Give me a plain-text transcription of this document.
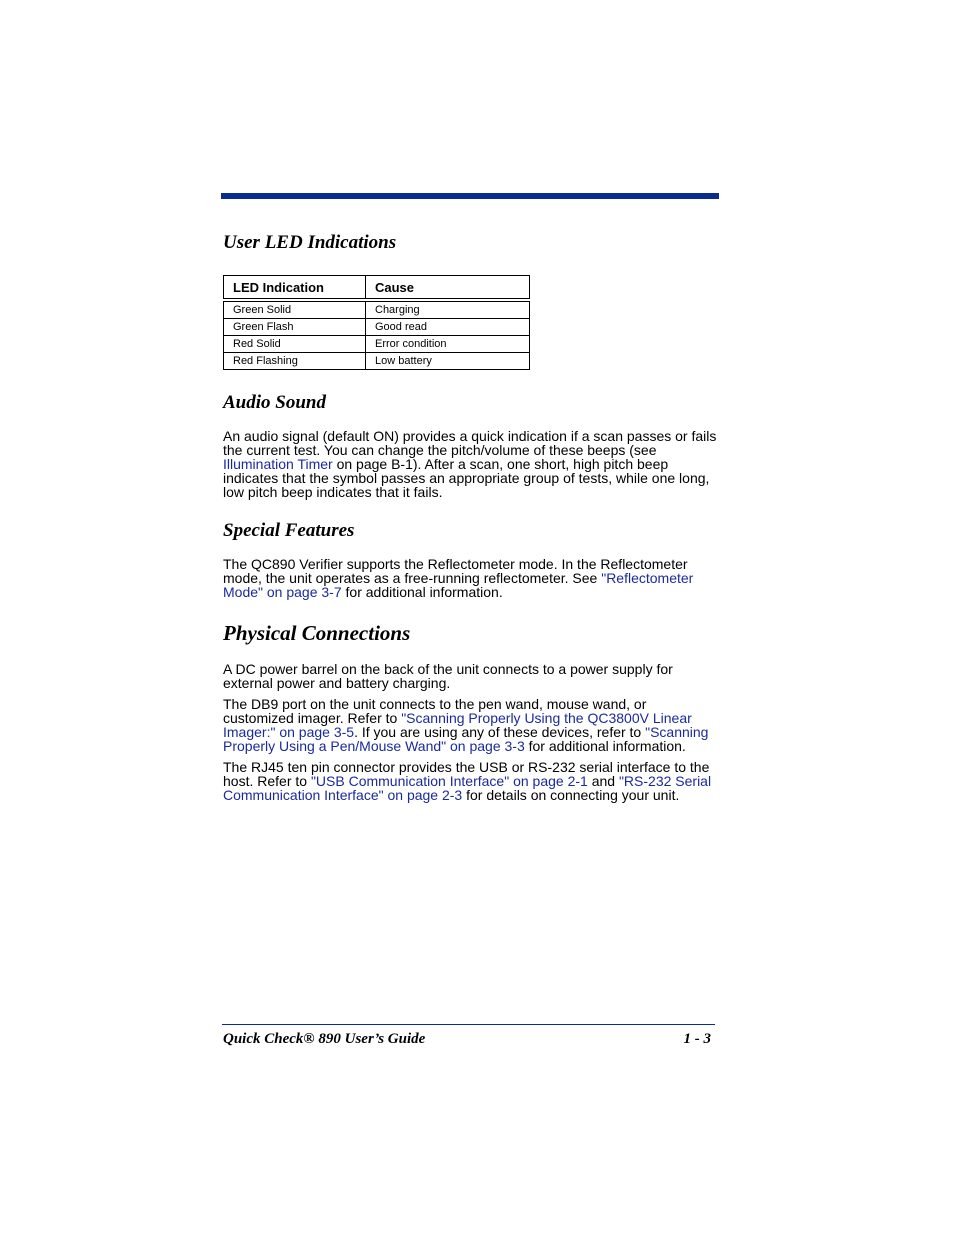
User LED Indications
LED Indication	Cause
Green Solid	Charging
Green Flash	Good read
Red Solid	Error condition
Red Flashing	Low battery
Audio Sound

An audio signal (default ON) provides a quick indication if a scan passes or fails the current test. You can change the pitch/volume of these beeps (see Illumination Timer on page B-1). After a scan, one short, high pitch beep indicates that the symbol passes an appropriate group of tests, while one long, low pitch beep indicates that it fails.

Special Features

The QC890 Verifier supports the Reflectometer mode. In the Reflectometer mode, the unit operates as a free-running reflectometer. See "Reflectometer Mode" on page 3-7 for additional information.

Physical Connections

A DC power barrel on the back of the unit connects to a power supply for external power and battery charging.

The DB9 port on the unit connects to the pen wand, mouse wand, or customized imager. Refer to "Scanning Properly Using the QC3800V Linear Imager:" on page 3-5. If you are using any of these devices, refer to "Scanning Properly Using a Pen/Mouse Wand" on page 3-3 for additional information.

The RJ45 ten pin connector provides the USB or RS-232 serial interface to the host. Refer to "USB Communication Interface" on page 2-1 and "RS-232 Serial Communication Interface" on page 2-3 for details on connecting your unit.

Quick Check® 890 User’s Guide	1 - 3
